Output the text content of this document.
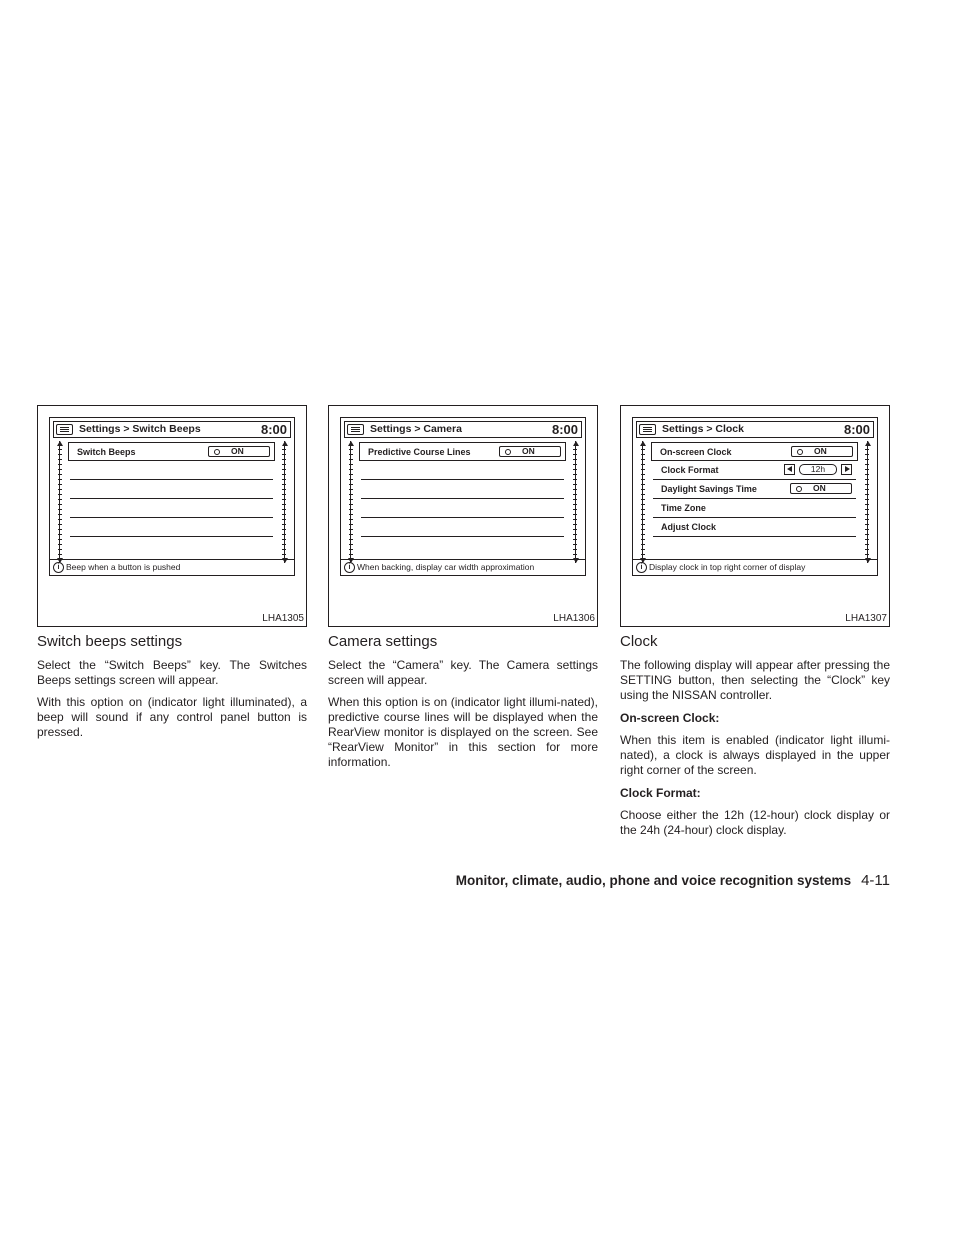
Settings > Switch Beeps	8:00
Switch Beeps	ON
i Beep when a button is pushed
LHA1305
Switch beeps settings

Select the “Switch Beeps” key. The Switches Beeps settings screen will appear.

With this option on (indicator light illuminated), a beep will sound if any control panel button is pressed.

Settings > Camera	8:00
Predictive Course Lines	ON
i When backing, display car width approximation
LHA1306
Camera settings

Select the “Camera” key. The Camera settings screen will appear.

When this option is on (indicator light illumi-nated), predictive course lines will be displayed when the RearView monitor is displayed on the screen. See “RearView Monitor” in this section for more information.

Settings > Clock	8:00
On-screen Clock	ON
Clock Format	12h
Daylight Savings Time	ON
Time Zone
Adjust Clock
i Display clock in top right corner of display
LHA1307
Clock

The following display will appear after pressing the SETTING button, then selecting the “Clock” key using the NISSAN controller.

On-screen Clock:

When this item is enabled (indicator light illumi-nated), a clock is always displayed in the upper right corner of the screen.

Clock Format:

Choose either the 12h (12-hour) clock display or the 24h (24-hour) clock display.

Monitor, climate, audio, phone and voice recognition systems 4-11
